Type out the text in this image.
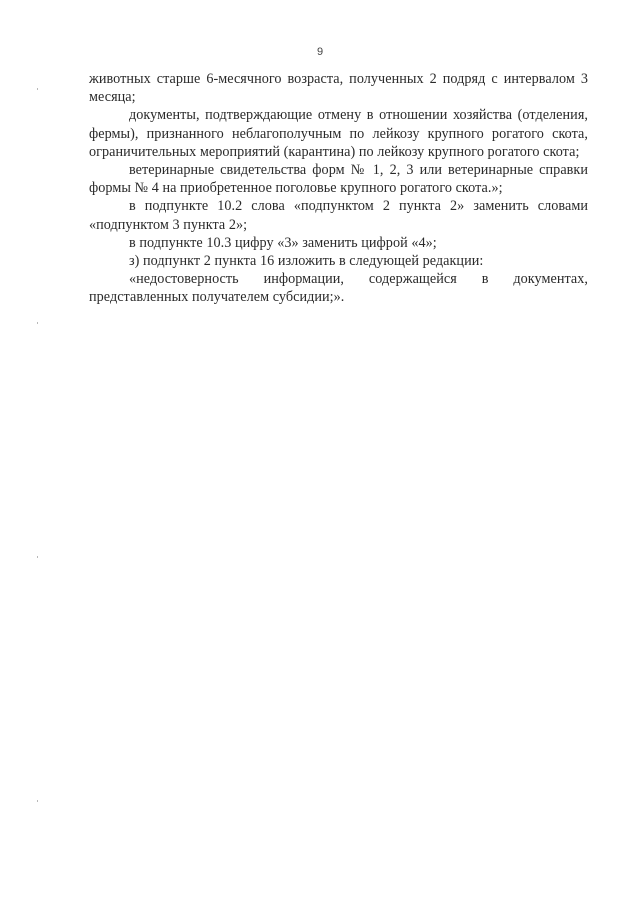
9

животных старше 6-месячного возраста, полученных 2 подряд с интервалом 3 месяца;

документы, подтверждающие отмену в отношении хозяйства (отделения, фермы), признанного неблагополучным по лейкозу крупного рогатого скота, ограничительных мероприятий (карантина) по лейкозу крупного рогатого скота;

ветеринарные свидетельства форм № 1, 2, 3 или ветеринарные справки формы № 4 на приобретенное поголовье крупного рогатого скота.»;

в подпункте 10.2 слова «подпунктом 2 пункта 2» заменить словами «подпунктом 3 пункта 2»;

в подпункте 10.3 цифру «3» заменить цифрой «4»;

з) подпункт 2 пункта 16 изложить в следующей редакции:

«недостоверность информации, содержащейся в документах, представленных получателем субсидии;».
